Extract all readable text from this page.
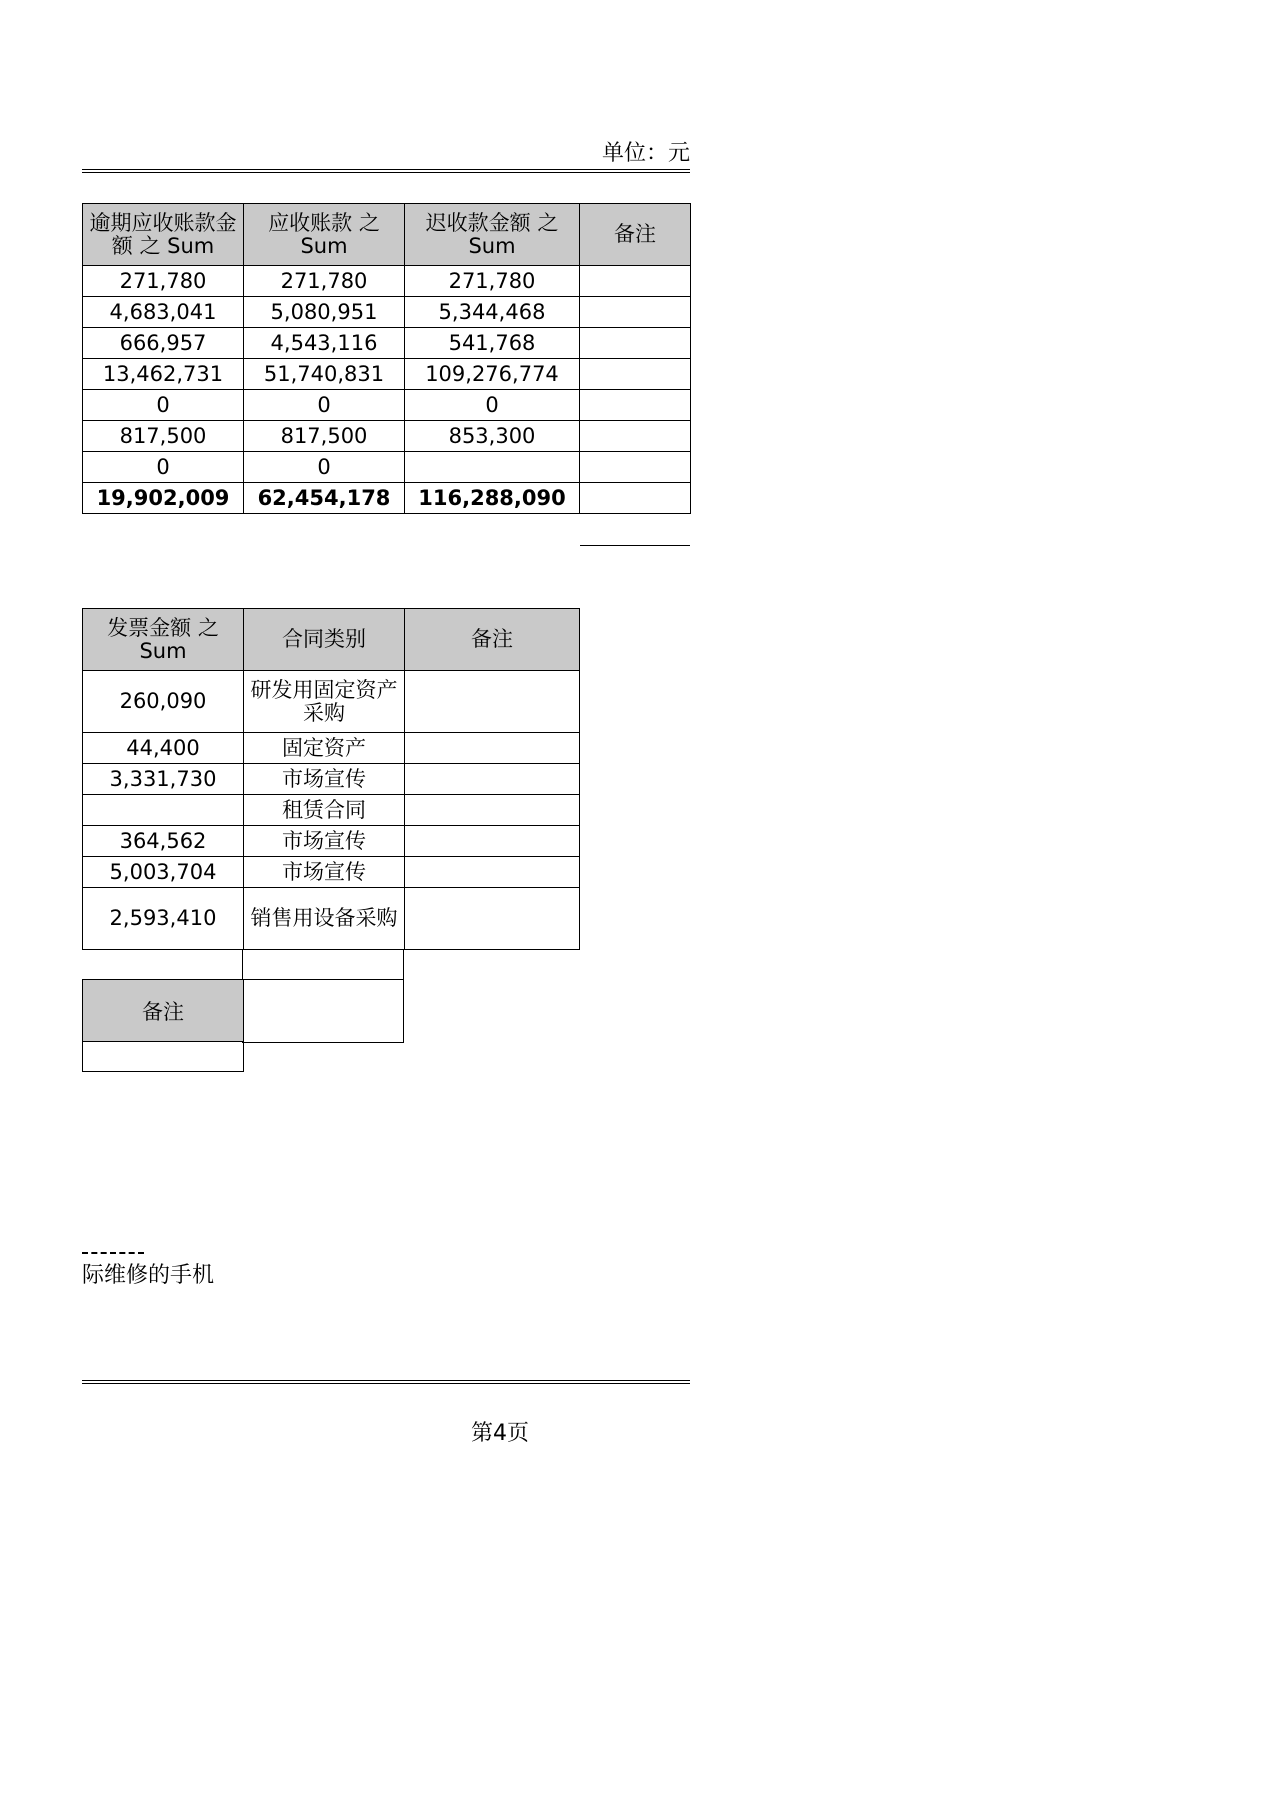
单位：元
逾期应收账款金额 之 Sum	应收账款 之 Sum	迟收款金额 之 Sum	备注
271,780	271,780	271,780	
4,683,041	5,080,951	5,344,468	
666,957	4,543,116	541,768	
13,462,731	51,740,831	109,276,774	
0	0	0	
817,500	817,500	853,300	
0	0		
19,902,009	62,454,178	116,288,090	
发票金额 之 Sum	合同类别	备注
260,090	研发用固定资产采购	
44,400	固定资产	
3,331,730	市场宣传	
	租赁合同	
364,562	市场宣传	
5,003,704	市场宣传	
2,593,410	销售用设备采购	
备注
际维修的手机
第4页
